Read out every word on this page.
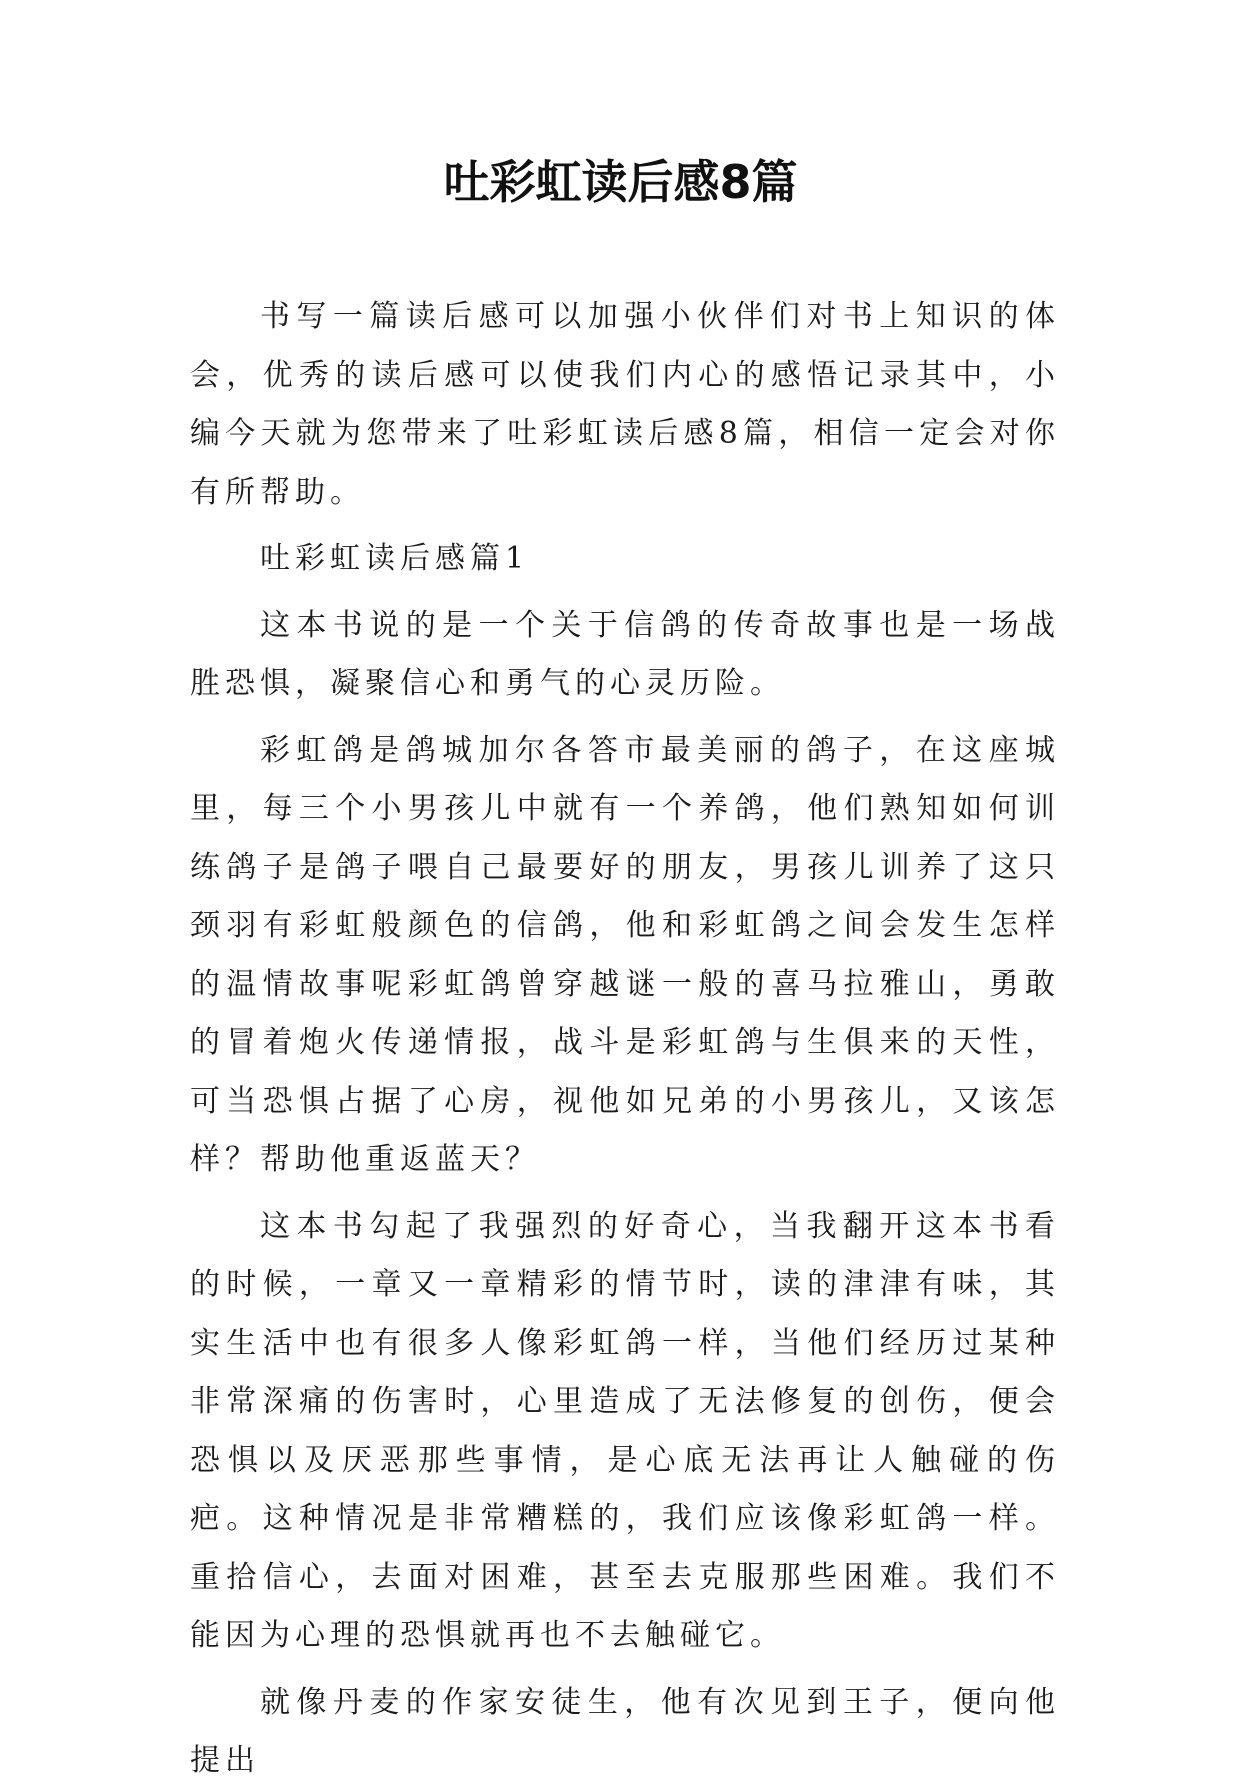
吐彩虹读后感8篇

书写一篇读后感可以加强小伙伴们对书上知识的体会，优秀的读后感可以使我们内心的感悟记录其中，小编今天就为您带来了吐彩虹读后感8篇，相信一定会对你有所帮助。

吐彩虹读后感篇1

这本书说的是一个关于信鸽的传奇故事也是一场战胜恐惧，凝聚信心和勇气的心灵历险。

彩虹鸽是鸽城加尔各答市最美丽的鸽子，在这座城里，每三个小男孩儿中就有一个养鸽，他们熟知如何训练鸽子是鸽子喂自己最要好的朋友，男孩儿训养了这只颈羽有彩虹般颜色的信鸽，他和彩虹鸽之间会发生怎样的温情故事呢彩虹鸽曾穿越谜一般的喜马拉雅山，勇敢的冒着炮火传递情报，战斗是彩虹鸽与生俱来的天性，可当恐惧占据了心房，视他如兄弟的小男孩儿，又该怎样？帮助他重返蓝天？

这本书勾起了我强烈的好奇心，当我翻开这本书看的时候，一章又一章精彩的情节时，读的津津有味，其实生活中也有很多人像彩虹鸽一样，当他们经历过某种非常深痛的伤害时，心里造成了无法修复的创伤，便会恐惧以及厌恶那些事情，是心底无法再让人触碰的伤疤。这种情况是非常糟糕的，我们应该像彩虹鸽一样。重拾信心，去面对困难，甚至去克服那些困难。我们不能因为心理的恐惧就再也不去触碰它。

就像丹麦的作家安徒生，他有次见到王子，便向他提出
